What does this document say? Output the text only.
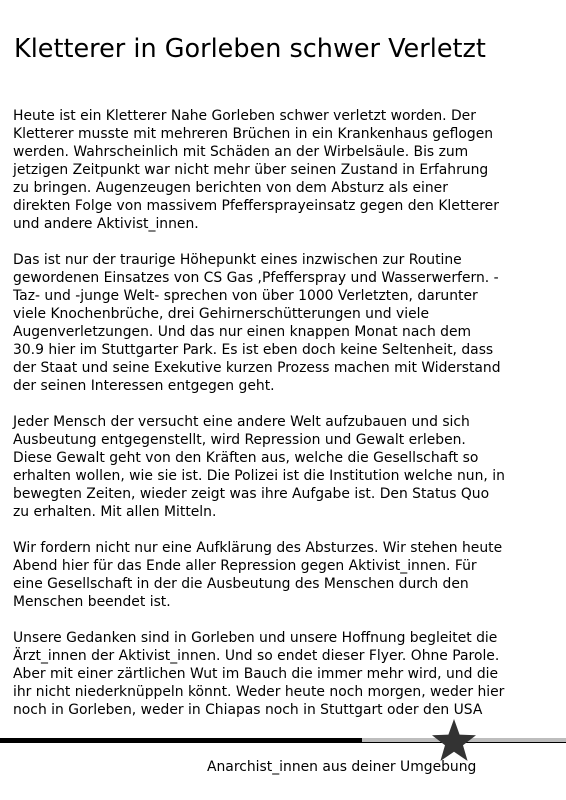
Kletterer in Gorleben schwer Verletzt

Heute ist ein Kletterer Nahe Gorleben schwer verletzt worden. Der
Kletterer musste mit mehreren Brüchen in ein Krankenhaus geflogen
werden. Wahrscheinlich mit Schäden an der Wirbelsäule. Bis zum
jetzigen Zeitpunkt war nicht mehr über seinen Zustand in Erfahrung
zu bringen. Augenzeugen berichten von dem Absturz als einer
direkten Folge von massivem Pfeffersprayeinsatz gegen den Kletterer
und andere Aktivist_innen.

Das ist nur der traurige Höhepunkt eines inzwischen zur Routine
gewordenen Einsatzes von CS Gas ,Pfefferspray und Wasserwerfern. -
Taz- und -junge Welt- sprechen von über 1000 Verletzten, darunter
viele Knochenbrüche, drei Gehirnerschütterungen und viele
Augenverletzungen. Und das nur einen knappen Monat nach dem
30.9 hier im Stuttgarter Park. Es ist eben doch keine Seltenheit, dass
der Staat und seine Exekutive kurzen Prozess machen mit Widerstand
der seinen Interessen entgegen geht.

Jeder Mensch der versucht eine andere Welt aufzubauen und sich
Ausbeutung entgegenstellt, wird Repression und Gewalt erleben.
Diese Gewalt geht von den Kräften aus, welche die Gesellschaft so
erhalten wollen, wie sie ist. Die Polizei ist die Institution welche nun, in
bewegten Zeiten, wieder zeigt was ihre Aufgabe ist. Den Status Quo
zu erhalten. Mit allen Mitteln.

Wir fordern nicht nur eine Aufklärung des Absturzes. Wir stehen heute
Abend hier für das Ende aller Repression gegen Aktivist_innen. Für
eine Gesellschaft in der die Ausbeutung des Menschen durch den
Menschen beendet ist.

Unsere Gedanken sind in Gorleben und unsere Hoffnung begleitet die
Ärzt_innen der Aktivist_innen. Und so endet dieser Flyer. Ohne Parole.
Aber mit einer zärtlichen Wut im Bauch die immer mehr wird, und die
ihr nicht niederknüppeln könnt. Weder heute noch morgen, weder hier
noch in Gorleben, weder in Chiapas noch in Stuttgart oder den USA

Anarchist_innen aus deiner Umgebung
